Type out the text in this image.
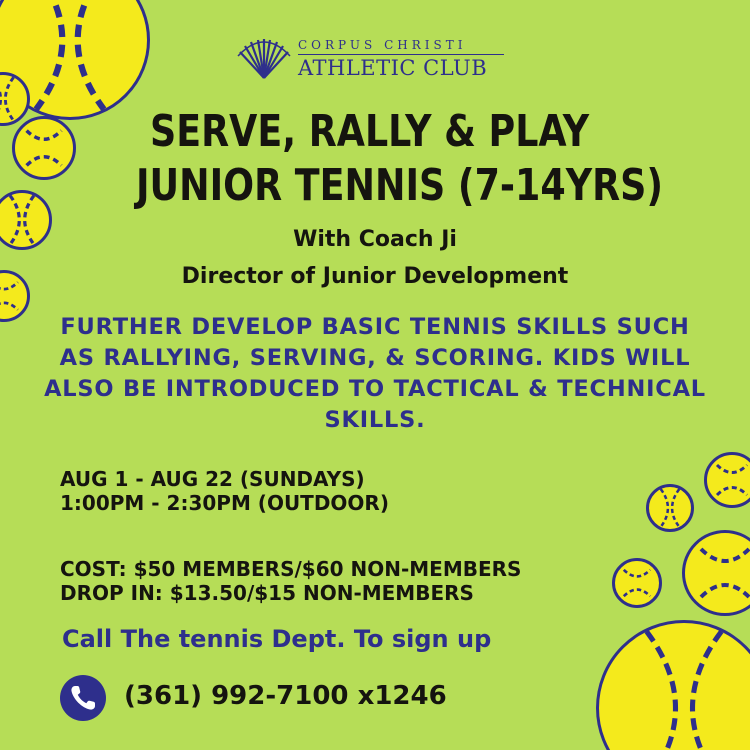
CORPUS CHRISTI
ATHLETIC CLUB
SERVE, RALLY & PLAY
JUNIOR TENNIS (7-14YRS)
With Coach Ji
Director of Junior Development
FURTHER DEVELOP BASIC TENNIS SKILLS SUCH AS RALLYING, SERVING, & SCORING. KIDS WILL ALSO BE INTRODUCED TO TACTICAL & TECHNICAL SKILLS.
AUG 1 - AUG 22 (SUNDAYS)
1:00PM - 2:30PM (OUTDOOR)
COST: $50 MEMBERS/$60 NON-MEMBERS
DROP IN: $13.50/$15 NON-MEMBERS
Call The tennis Dept. To sign up
(361) 992-7100 x1246
